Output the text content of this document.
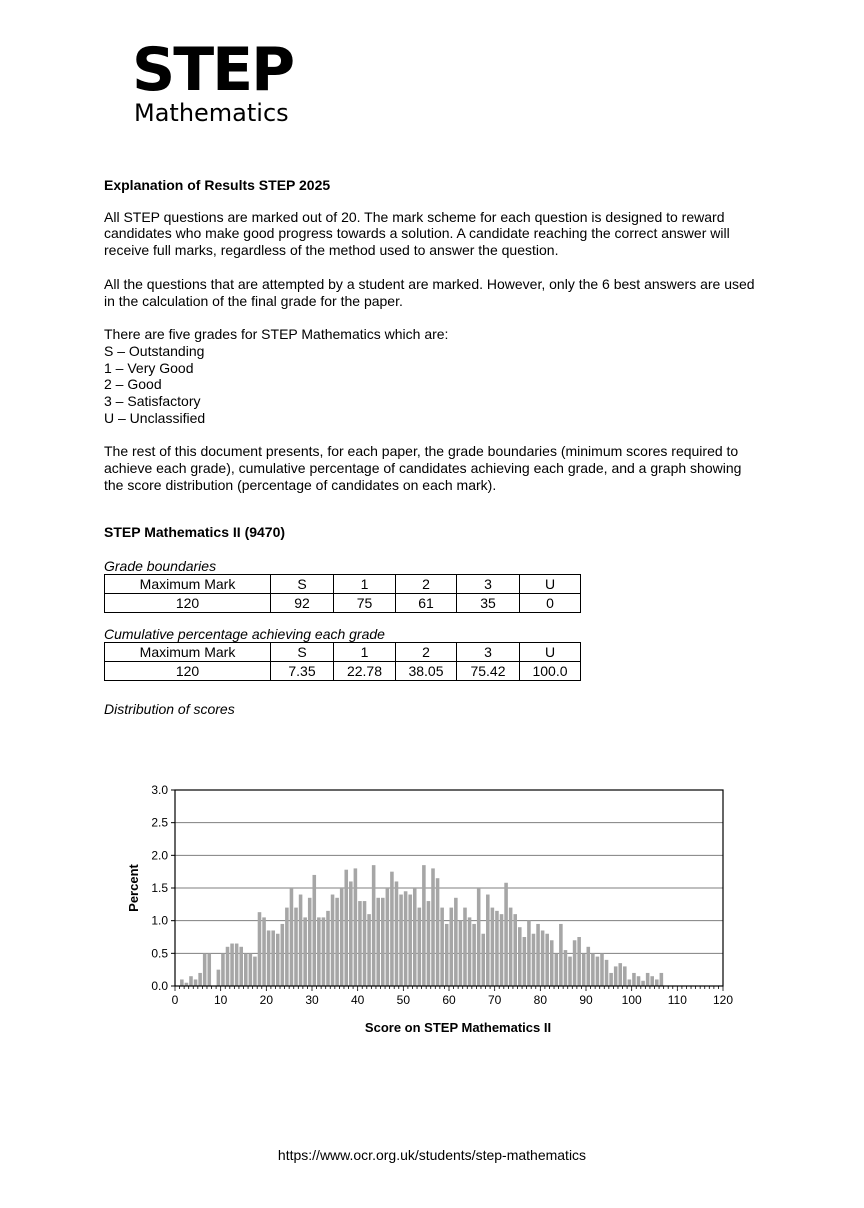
STEP
Mathematics
Explanation of Results STEP 2025

All STEP questions are marked out of 20. The mark scheme for each question is designed to reward candidates who make good progress towards a solution. A candidate reaching the correct answer will receive full marks, regardless of the method used to answer the question.

All the questions that are attempted by a student are marked. However, only the 6 best answers are used in the calculation of the final grade for the paper.

There are five grades for STEP Mathematics which are:
S – Outstanding
1 – Very Good
2 – Good
3 – Satisfactory
U – Unclassified

The rest of this document presents, for each paper, the grade boundaries (minimum scores required to achieve each grade), cumulative percentage of candidates achieving each grade, and a graph showing the score distribution (percentage of candidates on each mark).

STEP Mathematics II (9470)
Grade boundaries
Maximum Mark	S	1	2	3	U
120	92	75	61	35	0
Cumulative percentage achieving each grade
Maximum Mark	S	1	2	3	U
120	7.35	22.78	38.05	75.42	100.0
Distribution of scores
0.0
0.5
1.0
1.5
2.0
2.5
3.0
0	10	20	30	40	50	60	70	80	90 100 110 120
Percent
Score on STEP Mathematics II
https://www.ocr.org.uk/students/step-mathematics
